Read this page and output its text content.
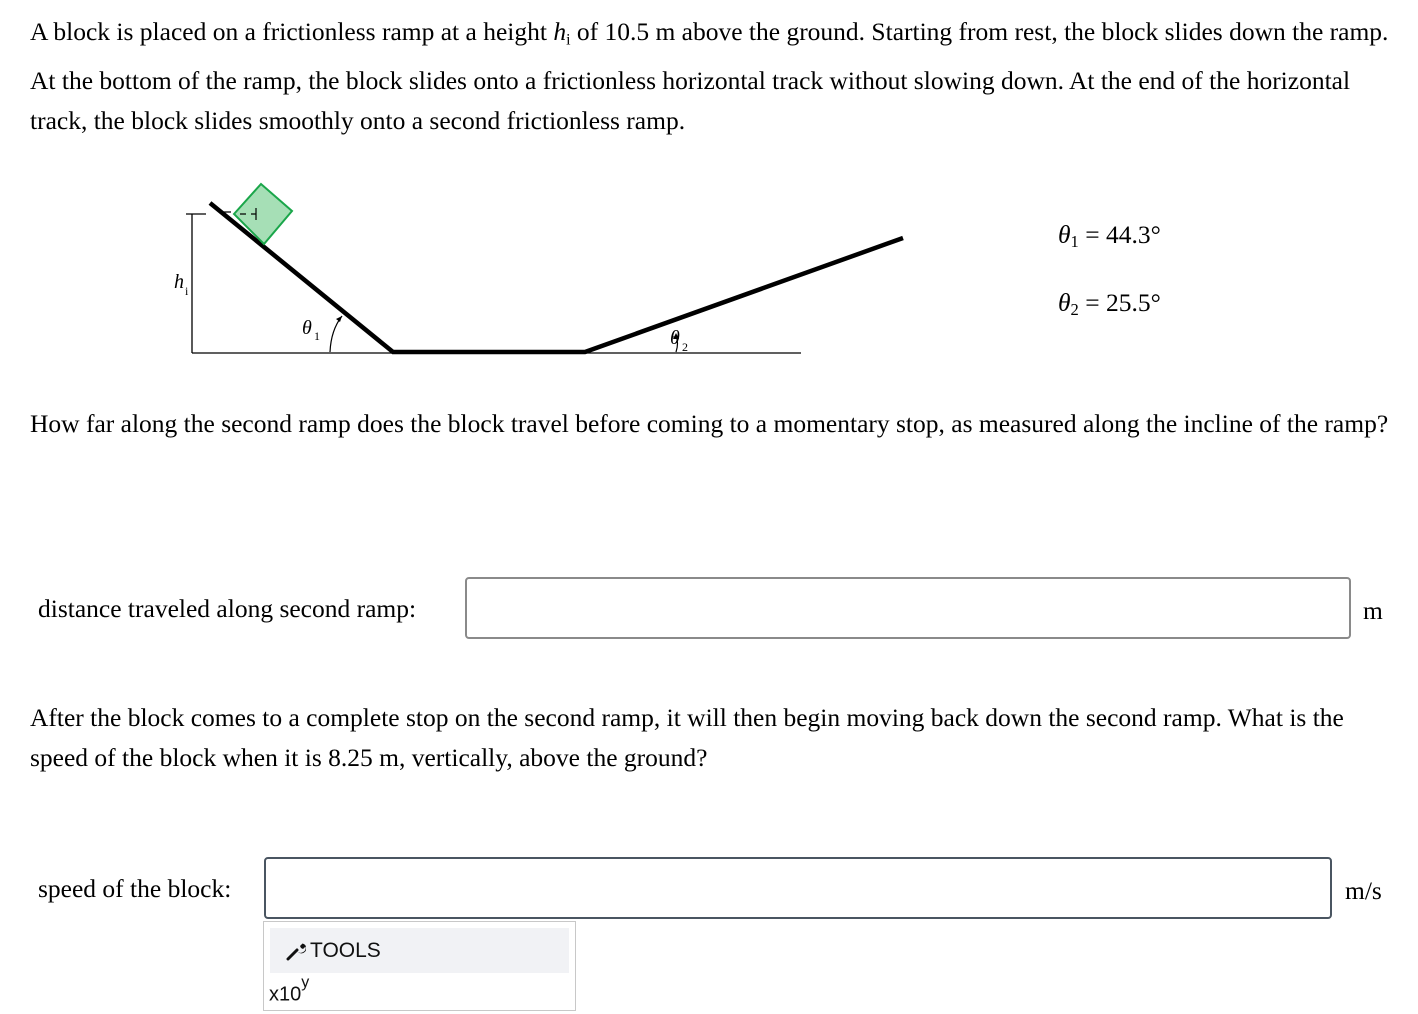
A block is placed on a frictionless ramp at a height $h_i$ of 10.5 m above the ground. Starting from rest, the block slides down the ramp. At the bottom of the ramp, the block slides onto a frictionless horizontal track without slowing down. At the end of the horizontal track, the block slides smoothly onto a second frictionless ramp.

h i
θ 1	θ 2
$\theta_1 = 44.3^\circ$
$\theta_2 = 25.5^\circ$

How far along the second ramp does the block travel before coming to a momentary stop, as measured along the incline of the ramp?

distance traveled along second ramp:	m

After the block comes to a complete stop on the second ramp, it will then begin moving back down the second ramp. What is the speed of the block when it is 8.25 m, vertically, above the ground?

speed of the block:	m/s
TOOLS
x10$^y$
